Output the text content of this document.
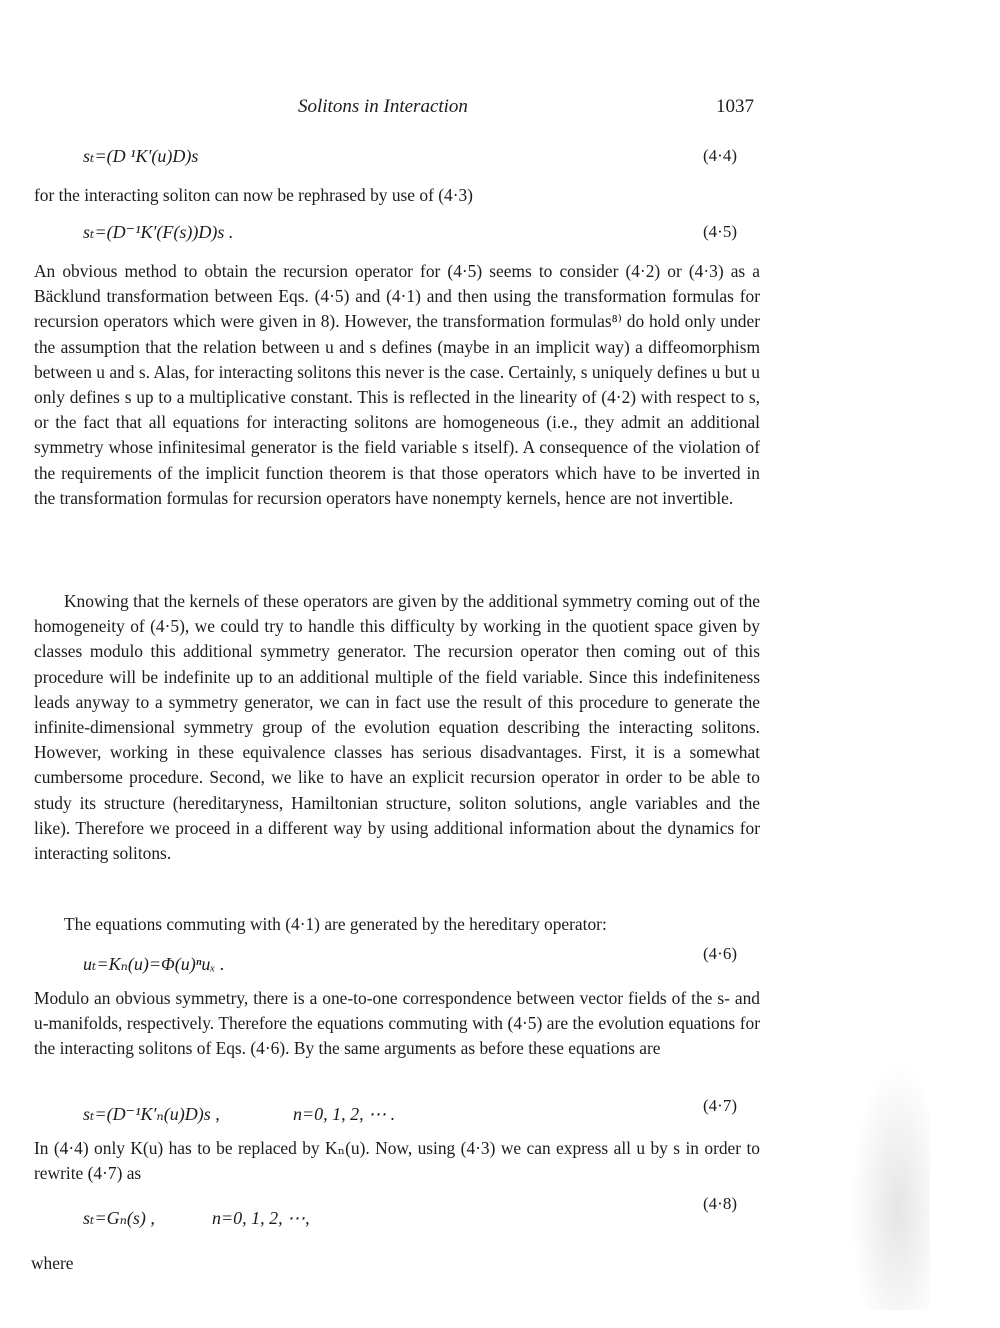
Solitons in Interaction	1037
sₜ=(D ¹K′(u)D)s	(4·4)
for the interacting soliton can now be rephrased by use of (4·3)
sₜ=(D⁻¹K′(F(s))D)s .	(4·5)

An obvious method to obtain the recursion operator for (4·5) seems to consider (4·2) or (4·3) as a Bäcklund transformation between Eqs. (4·5) and (4·1) and then using the transformation formulas for recursion operators which were given in 8). However, the transformation formulas⁸⁾ do hold only under the assumption that the relation between u and s defines (maybe in an implicit way) a diffeomorphism between u and s. Alas, for interacting solitons this never is the case. Certainly, s uniquely defines u but u only defines s up to a multiplicative constant. This is reflected in the linearity of (4·2) with respect to s, or the fact that all equations for interacting solitons are homogeneous (i.e., they admit an additional symmetry whose infinitesimal generator is the field variable s itself). A consequence of the violation of the requirements of the implicit function theorem is that those operators which have to be inverted in the transformation formulas for recursion operators have nonempty kernels, hence are not invertible.

Knowing that the kernels of these operators are given by the additional symmetry coming out of the homogeneity of (4·5), we could try to handle this difficulty by working in the quotient space given by classes modulo this additional symmetry generator. The recursion operator then coming out of this procedure will be indefinite up to an additional multiple of the field variable. Since this indefiniteness leads anyway to a symmetry generator, we can in fact use the result of this procedure to generate the infinite-dimensional symmetry group of the evolution equation describing the interacting solitons. However, working in these equivalence classes has serious disadvantages. First, it is a somewhat cumbersome procedure. Second, we like to have an explicit recursion operator in order to be able to study its structure (hereditaryness, Hamiltonian structure, soliton solutions, angle variables and the like). Therefore we proceed in a different way by using additional information about the dynamics for interacting solitons.

The equations commuting with (4·1) are generated by the hereditary operator:

uₜ=Kₙ(u)=Φ(u)ⁿuₓ .
(4·6)

Modulo an obvious symmetry, there is a one-to-one correspondence between vector fields of the s- and u-manifolds, respectively. Therefore the equations commuting with (4·5) are the evolution equations for the interacting solitons of Eqs. (4·6). By the same arguments as before these equations are

sₜ=(D⁻¹K′ₙ(u)D)s ,	n=0, 1, 2, ⋯ .	(4·7)

In (4·4) only K(u) has to be replaced by Kₙ(u). Now, using (4·3) we can express all u by s in order to rewrite (4·7) as

sₜ=Gₙ(s) ,	n=0, 1, 2, ⋯,
(4·8)
where
